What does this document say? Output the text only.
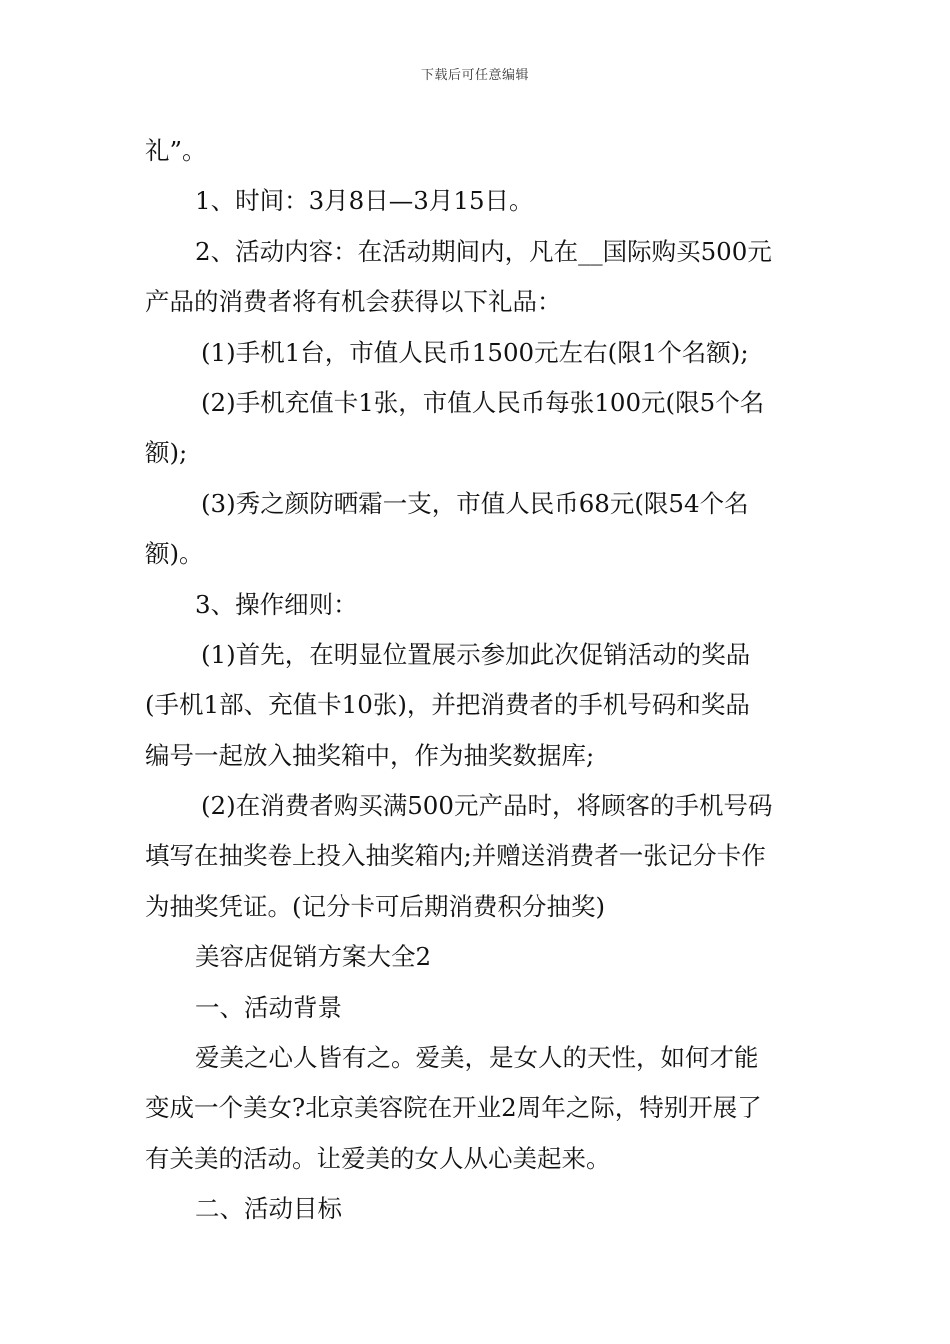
下载后可任意编辑
礼”。
1、时间：3月8日—3月15日。
2、活动内容：在活动期间内，凡在__国际购买500元
产品的消费者将有机会获得以下礼品：
(1)手机1台，市值人民币1500元左右(限1个名额);
(2)手机充值卡1张，市值人民币每张100元(限5个名
额);
(3)秀之颜防晒霜一支，市值人民币68元(限54个名
额)。
3、操作细则：
(1)首先，在明显位置展示参加此次促销活动的奖品
(手机1部、充值卡10张)，并把消费者的手机号码和奖品
编号一起放入抽奖箱中，作为抽奖数据库;
(2)在消费者购买满500元产品时，将顾客的手机号码
填写在抽奖卷上投入抽奖箱内;并赠送消费者一张记分卡作
为抽奖凭证。(记分卡可后期消费积分抽奖)
美容店促销方案大全2
一、活动背景
爱美之心人皆有之。爱美，是女人的天性，如何才能
变成一个美女?北京美容院在开业2周年之际，特别开展了
有关美的活动。让爱美的女人从心美起来。
二、活动目标
